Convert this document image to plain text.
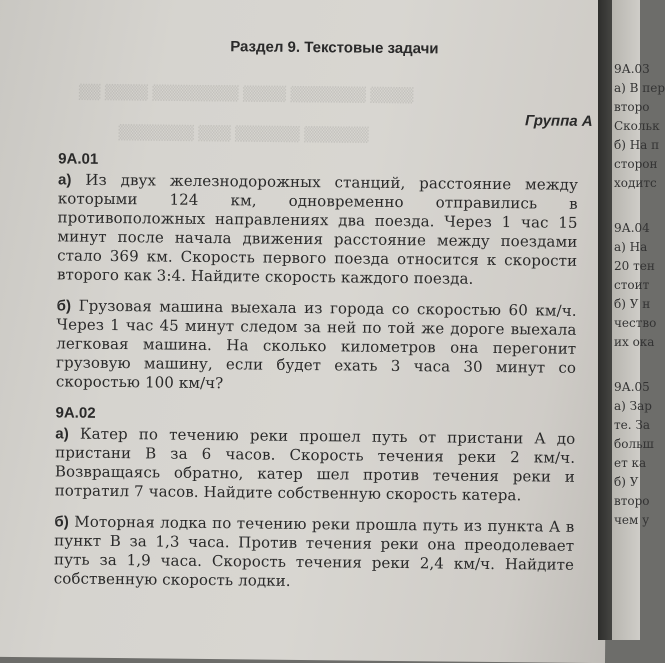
▒▒▒▒ ▒▒▒▒▒▒▒ ▒▒▒▒ ▒▒▒▒▒▒▒▒ ▒▒▒▒ ▒▒
▒▒▒▒▒▒ ▒▒▒▒▒▒ ▒▒▒ ▒▒▒▒▒▒▒
Раздел 9. Текстовые задачи
Группа А
9А.01
а) Из двух железнодорожных станций, расстояние между которыми 124 км, одновременно отправились в противоположных направлениях два поезда. Через 1 час 15 минут после начала движения расстояние между поездами стало 369 км. Скорость первого поезда относится к скорости второго как 3:4. Найдите скорость каждого поезда.
б) Грузовая машина выехала из города со скоростью 60 км/ч. Через 1 час 45 минут следом за ней по той же дороге выехала легковая машина. На сколько километров она перегонит грузовую машину, если будет ехать 3 часа 30 минут со скоростью 100 км/ч?
9А.02
а) Катер по течению реки прошел путь от пристани А до пристани В за 6 часов. Скорость течения реки 2 км/ч. Возвращаясь обратно, катер шел против течения реки и потратил 7 часов. Найдите собственную скорость катера.
б) Моторная лодка по течению реки прошла путь из пункта А в пункт В за 1,3 часа. Против течения реки она преодолевает путь за 1,9 часа. Скорость течения реки 2,4 км/ч. Найдите собственную скорость лодки.
9А.03
а) В пер
второ
Скольк
б) На п
сторон
ходитс
9А.04
а) На
20 тен
стоит
б) У н
чество
их ока
9А.05
а) Зар
те. За
больш
ет ка
б) У
второ
чем у
